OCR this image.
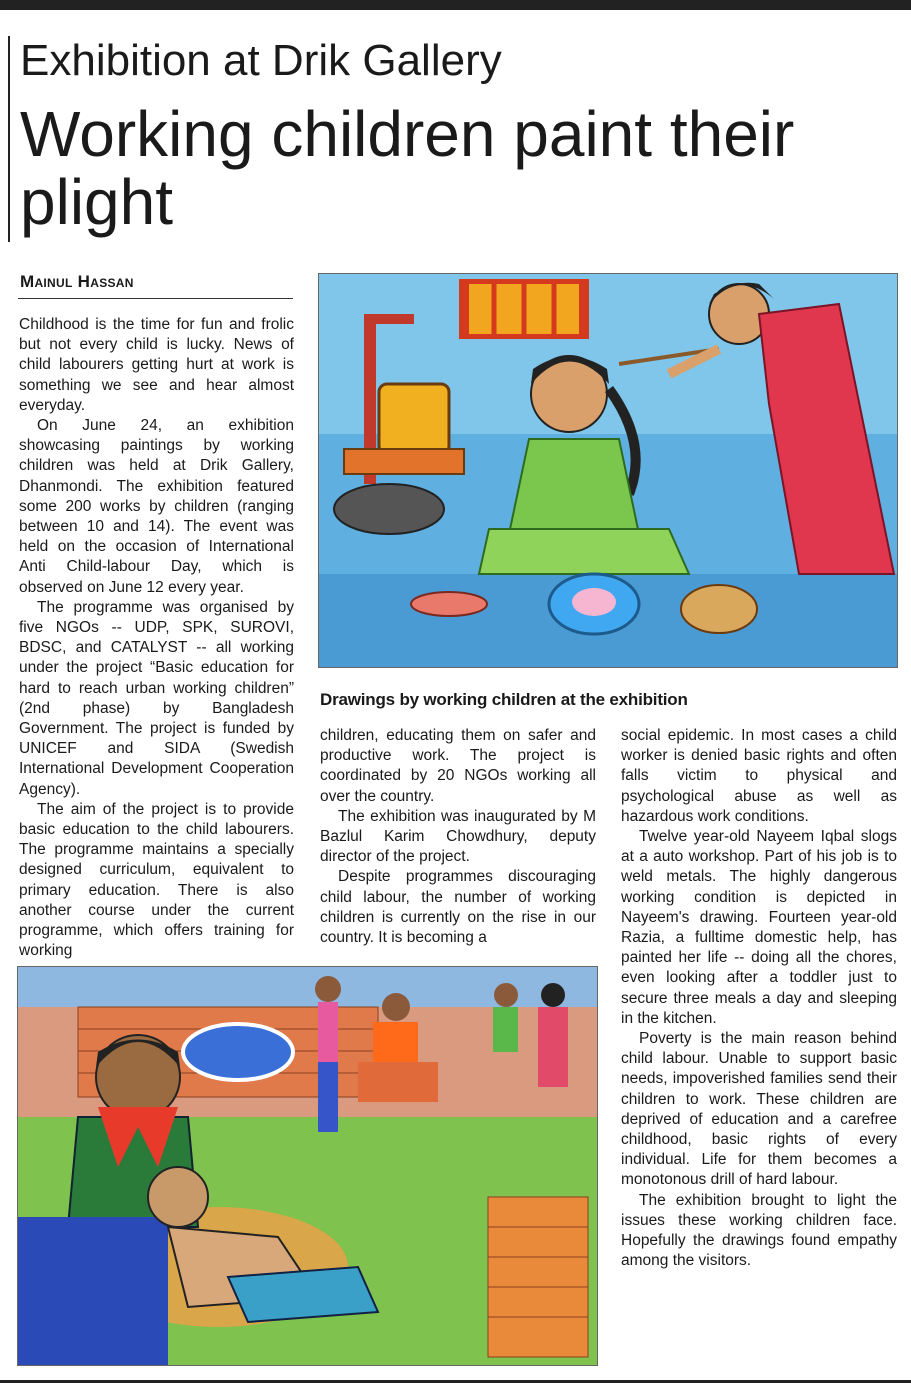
Exhibition at Drik Gallery
Working children paint their plight
Mainul Hassan

Childhood is the time for fun and frolic but not every child is lucky. News of child labourers getting hurt at work is something we see and hear almost everyday.

On June 24, an exhibition showcasing paintings by working children was held at Drik Gallery, Dhanmondi. The exhibition featured some 200 works by children (ranging between 10 and 14). The event was held on the occasion of International Anti Child-labour Day, which is observed on June 12 every year.

The programme was organised by five NGOs -- UDP, SPK, SUROVI, BDSC, and CATALYST -- all working under the project “Basic education for hard to reach urban working children” (2nd phase) by Bangladesh Government. The project is funded by UNICEF and SIDA (Swedish International Development Cooperation Agency).

The aim of the project is to provide basic education to the child labourers. The programme maintains a specially designed curriculum, equivalent to primary education. There is also another course under the current programme, which offers training for working

Drawings by working children at the exhibition

children, educating them on safer and productive work. The project is coordinated by 20 NGOs working all over the country.

The exhibition was inaugurated by M Bazlul Karim Chowdhury, deputy director of the project.

Despite programmes discouraging child labour, the number of working children is currently on the rise in our country. It is becoming a

social epidemic. In most cases a child worker is denied basic rights and often falls victim to physical and psychological abuse as well as hazardous work conditions.

Twelve year-old Nayeem Iqbal slogs at a auto workshop. Part of his job is to weld metals. The highly dangerous working condition is depicted in Nayeem's drawing. Fourteen year-old Razia, a fulltime domestic help, has painted her life -- doing all the chores, even looking after a toddler just to secure three meals a day and sleeping in the kitchen.

Poverty is the main reason behind child labour. Unable to support basic needs, impoverished families send their children to work. These children are deprived of education and a carefree childhood, basic rights of every individual. Life for them becomes a monotonous drill of hard labour.

The exhibition brought to light the issues these working children face. Hopefully the drawings found empathy among the visitors.
